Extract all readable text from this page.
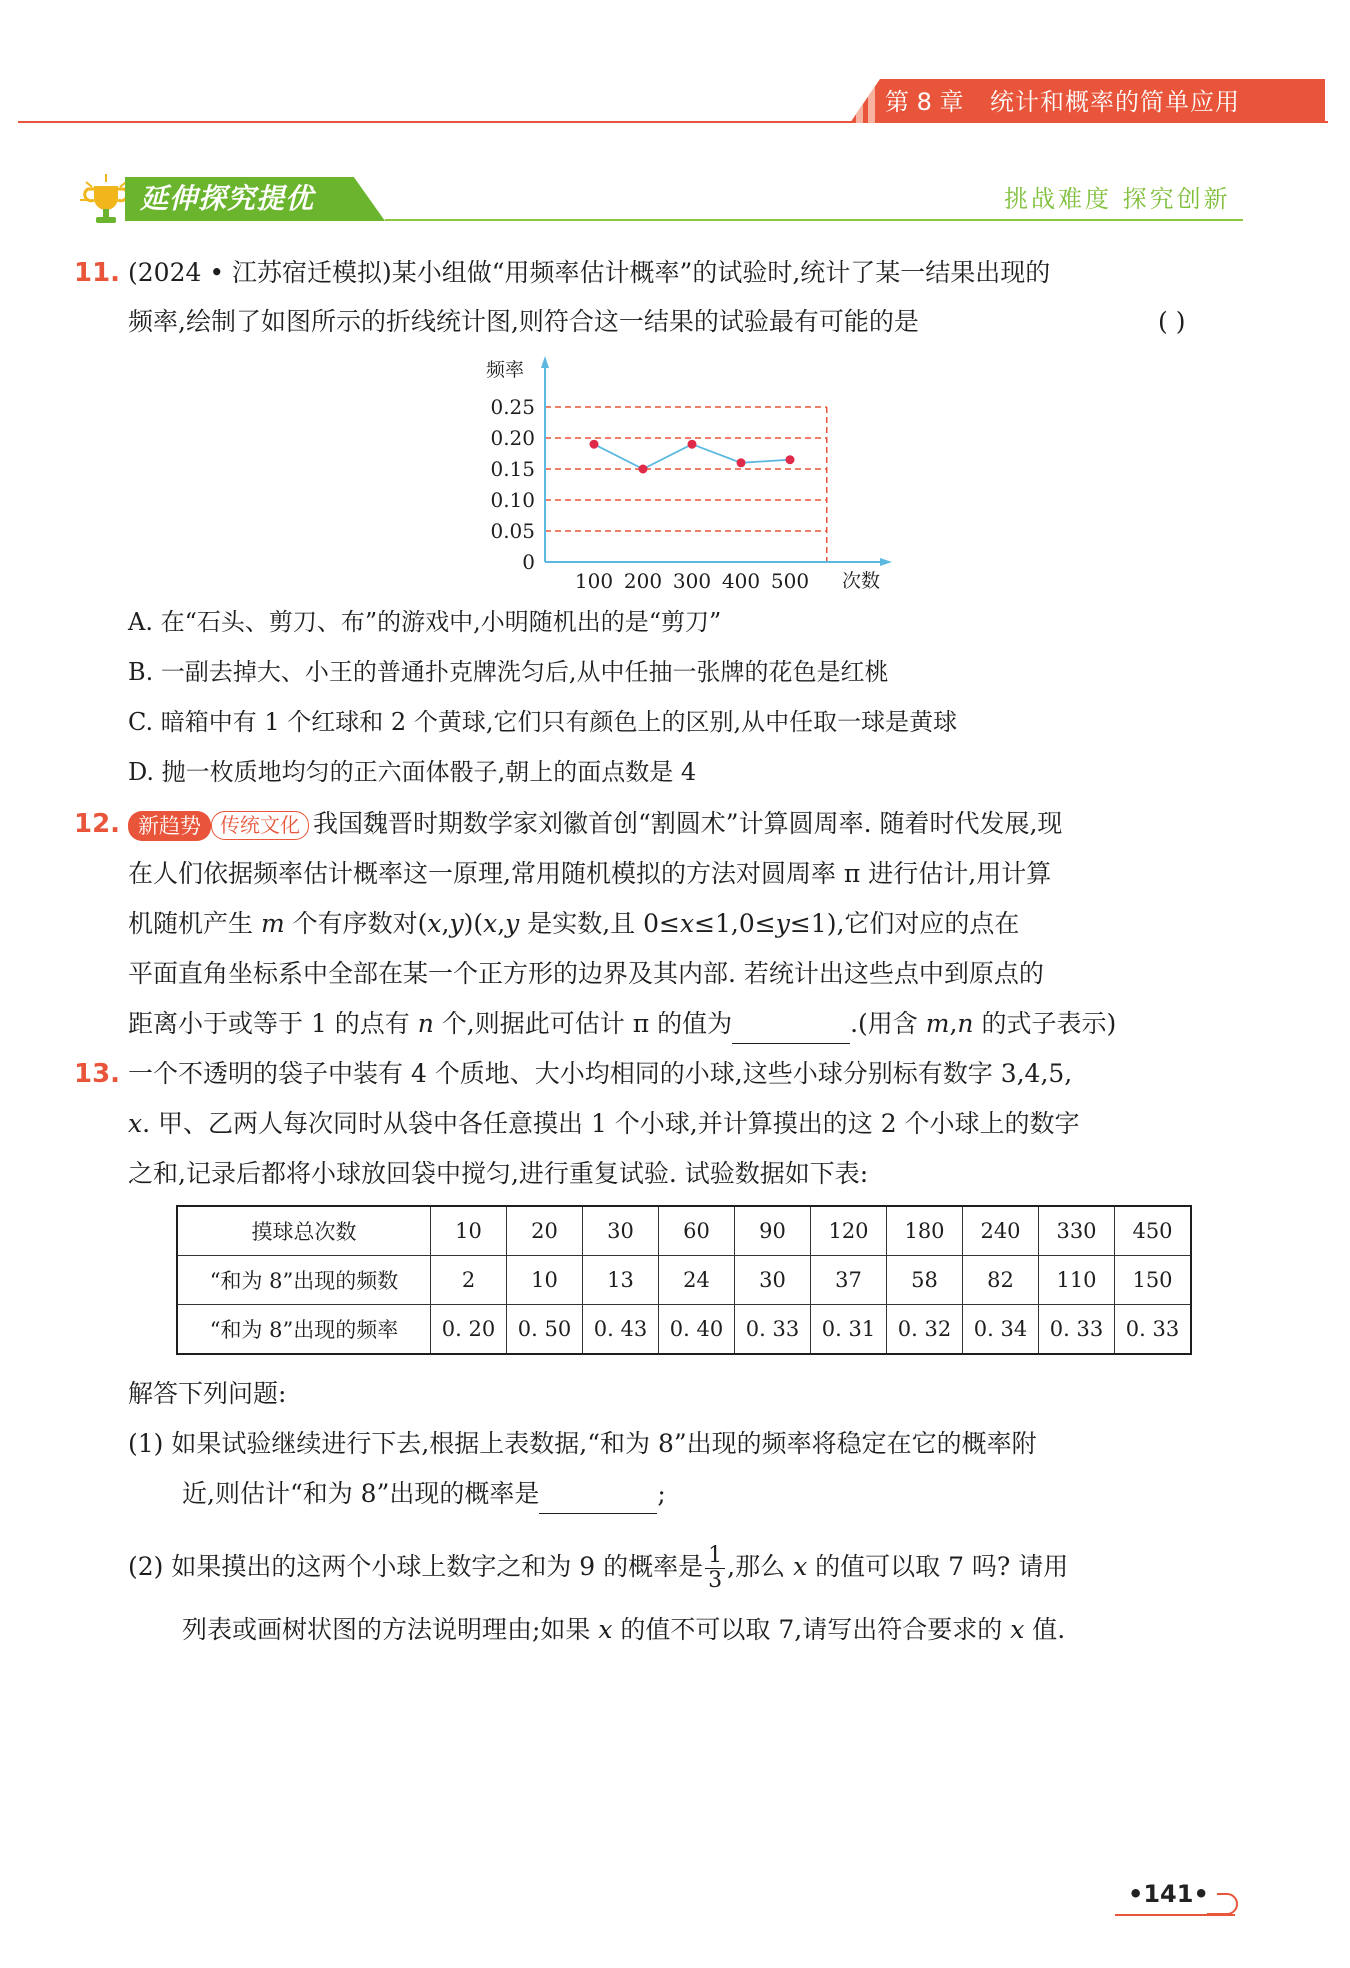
第 8 章 统计和概率的简单应用
延伸探究提优	挑战难度 探究创新
11. (2024 • 江苏宿迁模拟)某小组做“用频率估计概率”的试验时,统计了某一结果出现的
频率,绘制了如图所示的折线统计图,则符合这一结果的试验最有可能的是	( )
频率
次数
0
0.05
0.10
0.15
0.20
0.25
100 200 300 400 500
A. 在“石头、剪刀、布”的游戏中,小明随机出的是“剪刀”
B. 一副去掉大、小王的普通扑克牌洗匀后,从中任抽一张牌的花色是红桃
C. 暗箱中有 1 个红球和 2 个黄球,它们只有颜色上的区别,从中任取一球是黄球
D. 抛一枚质地均匀的正六面体骰子,朝上的面点数是 4
12. 新趋势 传统文化 我国魏晋时期数学家刘徽首创“割圆术”计算圆周率. 随着时代发展,现
在人们依据频率估计概率这一原理,常用随机模拟的方法对圆周率 π 进行估计,用计算
机随机产生 m 个有序数对(x,y)(x,y 是实数,且 0≤x≤1,0≤y≤1),它们对应的点在
平面直角坐标系中全部在某一个正方形的边界及其内部. 若统计出这些点中到原点的
距离小于或等于 1 的点有 n 个,则据此可估计 π 的值为	.(用含 m,n 的式子表示)
13. 一个不透明的袋子中装有 4 个质地、大小均相同的小球,这些小球分别标有数字 3,4,5,
x. 甲、乙两人每次同时从袋中各任意摸出 1 个小球,并计算摸出的这 2 个小球上的数字
之和,记录后都将小球放回袋中搅匀,进行重复试验. 试验数据如下表:
摸球总次数	10	20	30	60	90	120	180	240	330	450
“和为 8”出现的频数	2	10	13	24	30	37	58	82	110	150
“和为 8”出现的频率	0. 20	0. 50	0. 43	0. 40	0. 33	0. 31	0. 32	0. 34	0. 33	0. 33
解答下列问题:
(1) 如果试验继续进行下去,根据上表数据,“和为 8”出现的频率将稳定在它的概率附
近,则估计“和为 8”出现的概率是	;
(2) 如果摸出的这两个小球上数字之和为 9 的概率是 $\frac{1}{3}$ ,那么 x 的值可以取 7 吗? 请用
列表或画树状图的方法说明理由;如果 x 的值不可以取 7,请写出符合要求的 x 值.
•141•
